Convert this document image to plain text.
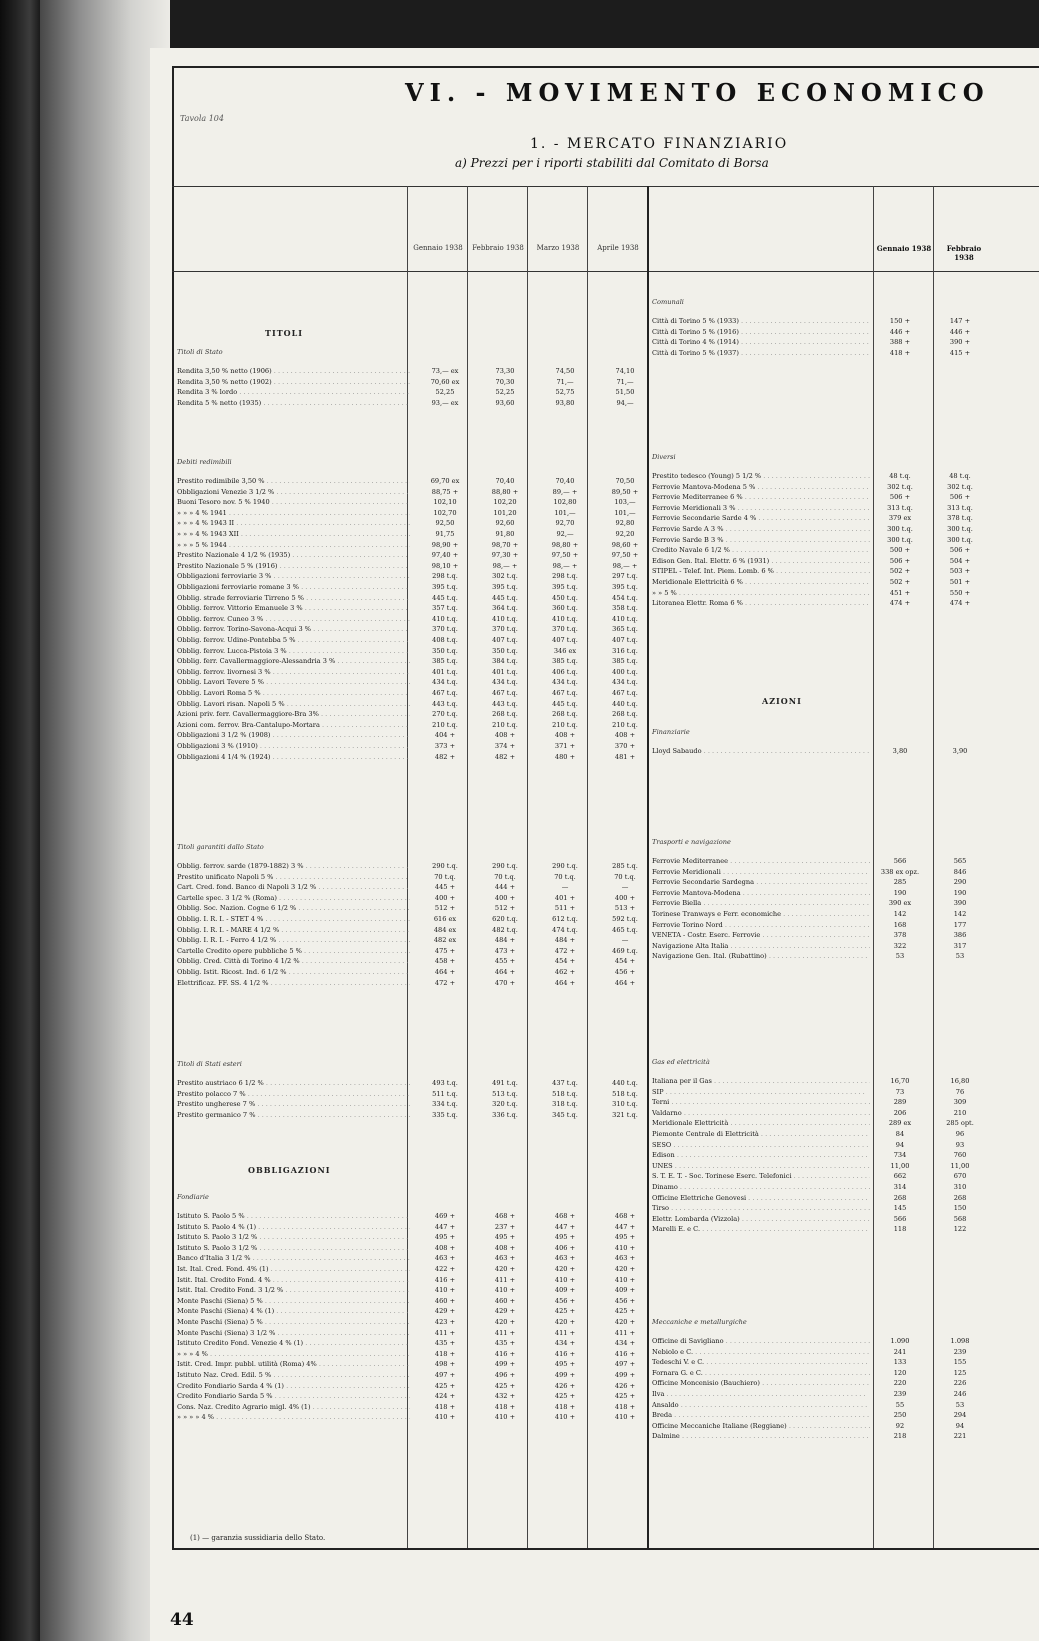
Tavola 104
VI. - MOVIMENTO ECONOMICO
1. - MERCATO FINANZIARIO
a) Prezzi per i riporti stabiliti dal Comitato di Borsa
Gennaio 1938	Febbraio 1938	Marzo 1938	Aprile 1938	Gennaio 1938	Febbraio 1938
TITOLI
OBBLIGAZIONI
AZIONI
Titoli di Stato
Rendita 3,50 % netto (1906) . . .	73,— ex	73,30	74,50	74,10
Rendita 3,50 % netto (1902) . . .	70,60 ex	70,30	71,—	71,—
Rendita 3 % lordo . . .	52,25	52,25	52,75	51,50
Rendita 5 % netto (1935) . . .	93,— ex	93,60	93,80	94,—
Debiti redimibili
Prestito redimibile 3,50 % . . .	69,70 ex	70,40	70,40	70,50
Obbligazioni Venezie 3 1/2 % . . .	88,75 +	88,80 +	89,— +	89,50 +
Buoni Tesoro nov. 5 % 1940 . . .	102,10	102,20	102,80	103,—
» » » 4 % 1941 . . .	102,70	101,20	101,—	101,—
» » » 4 % 1943 II . . .	92,50	92,60	92,70	92,80
» » » 4 % 1943 XII . . .	91,75	91,80	92,—	92,20
» » » 5 % 1944 . . .	98,90 +	98,70 +	98,80 +	98,60 +
Prestito Nazionale 4 1/2 % (1935) . . .	97,40 +	97,30 +	97,50 +	97,50 +
Prestito Nazionale 5 % (1916) . . .	98,10 +	98,— +	98,— +	98,— +
Obbligazioni ferroviarie 3 % . . .	298 t.q.	302 t.q.	298 t.q.	297 t.q.
Obbligazioni ferroviarie romane 3 % . . .	395 t.q.	395 t.q.	395 t.q.	395 t.q.
Obblig. strade ferroviarie Tirreno 5 % . . .	445 t.q.	445 t.q.	450 t.q.	454 t.q.
Obblig. ferrov. Vittorio Emanuele 3 % . . .	357 t.q.	364 t.q.	360 t.q.	358 t.q.
Obblig. ferrov. Cuneo 3 % . . .	410 t.q.	410 t.q.	410 t.q.	410 t.q.
Obblig. ferrov. Torino-Savona-Acqui 3 % . . .	370 t.q.	370 t.q.	370 t.q.	365 t.q.
Obblig. ferrov. Udine-Pontebba 5 % . . .	408 t.q.	407 t.q.	407 t.q.	407 t.q.
Obblig. ferrov. Lucca-Pistoia 3 % . . .	350 t.q.	350 t.q.	346 ex	316 t.q.
Obblig. ferr. Cavallermaggiore-Alessandria 3 % . . .	385 t.q.	384 t.q.	385 t.q.	385 t.q.
Obblig. ferrov. livornesi 3 % . . .	401 t.q.	401 t.q.	406 t.q.	400 t.q.
Obblig. Lavori Tevere 5 % . . .	434 t.q.	434 t.q.	434 t.q.	434 t.q.
Obblig. Lavori Roma 5 % . . .	467 t.q.	467 t.q.	467 t.q.	467 t.q.
Obblig. Lavori risan. Napoli 5 % . . .	443 t.q.	443 t.q.	445 t.q.	440 t.q.
Azioni priv. ferr. Cavallermaggiore-Bra 3% . . .	270 t.q.	268 t.q.	268 t.q.	268 t.q.
Azioni com. ferrov. Bra-Cantalupo-Mortara . . .	210 t.q.	210 t.q.	210 t.q.	210 t.q.
Obbligazioni 3 1/2 % (1908) . . .	404 +	408 +	408 +	408 +
Obbligazioni 3 % (1910) . . .	373 +	374 +	371 +	370 +
Obbligazioni 4 1/4 % (1924) . . .	482 +	482 +	480 +	481 +
Titoli garantiti dallo Stato
Obblig. ferrov. sarde (1879-1882) 3 % . . .	290 t.q.	290 t.q.	290 t.q.	285 t.q.
Prestito unificato Napoli 5 % . . .	70 t.q.	70 t.q.	70 t.q.	70 t.q.
Cart. Cred. fond. Banco di Napoli 3 1/2 % . . .	445 +	444 +	—	—
Cartelle spec. 3 1/2 % (Roma) . . .	400 +	400 +	401 +	400 +
Obblig. Soc. Nazion. Cogne 6 1/2 % . . .	512 +	512 +	511 +	513 +
Obblig. I. R. I. - STET 4 % . . .	616 ex	620 t.q.	612 t.q.	592 t.q.
Obblig. I. R. I. - MARE 4 1/2 % . . .	484 ex	482 t.q.	474 t.q.	465 t.q.
Obblig. I. R. I. - Ferro 4 1/2 % . . .	482 ex	484 +	484 +	—
Cartelle Credito opere pubbliche 5 % . . .	475 +	473 +	472 +	469 t.q.
Obblig. Cred. Città di Torino 4 1/2 % . . .	458 +	455 +	454 +	454 +
Obblig. Istit. Ricost. Ind. 6 1/2 % . . .	464 +	464 +	462 +	456 +
Elettrificaz. FF. SS. 4 1/2 % . . .	472 +	470 +	464 +	464 +
Titoli di Stati esteri
Prestito austriaco 6 1/2 % . . .	493 t.q.	491 t.q.	437 t.q.	440 t.q.
Prestito polacco 7 % . . .	511 t.q.	513 t.q.	518 t.q.	518 t.q.
Prestito ungherese 7 % . . .	334 t.q.	320 t.q.	318 t.q.	310 t.q.
Prestito germanico 7 % . . .	335 t.q.	336 t.q.	345 t.q.	321 t.q.
Fondiarie
Istituto S. Paolo 5 % . . .	469 +	468 +	468 +	468 +
Istituto S. Paolo 4 % (1) . . .	447 +	237 +	447 +	447 +
Istituto S. Paolo 3 1/2 % . . .	495 +	495 +	495 +	495 +
Istituto S. Paolo 3 1/2 % . . .	408 +	408 +	406 +	410 +
Banco d'Italia 3 1/2 % . . .	463 +	463 +	463 +	463 +
Ist. Ital. Cred. Fond. 4% (1) . . .	422 +	420 +	420 +	420 +
Istit. Ital. Credito Fond. 4 % . . .	416 +	411 +	410 +	410 +
Istit. Ital. Credito Fond. 3 1/2 % . . .	410 +	410 +	409 +	409 +
Monte Paschi (Siena) 5 % . . .	460 +	460 +	456 +	456 +
Monte Paschi (Siena) 4 % (1) . . .	429 +	429 +	425 +	425 +
Monte Paschi (Siena) 5 % . . .	423 +	420 +	420 +	420 +
Monte Paschi (Siena) 3 1/2 % . . .	411 +	411 +	411 +	411 +
Istituto Credito Fond. Venezie 4 % (1) . . .	435 +	435 +	434 +	434 +
» » » 4 % . . .	418 +	416 +	416 +	416 +
Istit. Cred. Impr. pubbl. utilità (Roma) 4% . . .	498 +	499 +	495 +	497 +
Istituto Naz. Cred. Edil. 5 % . . .	497 +	496 +	499 +	499 +
Credito Fondiario Sarda 4 % (1) . . .	425 +	425 +	426 +	426 +
Credito Fondiario Sarda 5 % . . .	424 +	432 +	425 +	425 +
Cons. Naz. Credito Agrario migl. 4% (1) . . .	418 +	418 +	418 +	418 +
» » » » 4 % . . .	410 +	410 +	410 +	410 +
Comunali
Città di Torino 5 % (1933) . . .	150 +	147 +
Città di Torino 5 % (1916) . . .	446 +	446 +
Città di Torino 4 % (1914) . . .	388 +	390 +
Città di Torino 5 % (1937) . . .	418 +	415 +
Diversi
Prestito tedesco (Young) 5 1/2 % . . .	48 t.q.	48 t.q.
Ferrovie Mantova-Modena 5 % . . .	302 t.q.	302 t.q.
Ferrovie Mediterranee 6 % . . .	506 +	506 +
Ferrovie Meridionali 3 % . . .	313 t.q.	313 t.q.
Ferrovie Secondarie Sarde 4 % . . .	379 ex	378 t.q.
Ferrovie Sarde A 3 % . . .	300 t.q.	300 t.q.
Ferrovie Sarde B 3 % . . .	300 t.q.	300 t.q.
Credito Navale 6 1/2 % . . .	500 +	506 +
Edison Gen. Ital. Elettr. 6 % (1931) . . .	506 +	504 +
STIPEL - Telef. Int. Piem. Lomb. 6 % . . .	502 +	503 +
Meridionale Elettricità 6 % . . .	502 +	501 +
» » 5 % . . .	451 +	550 +
Litoranea Elettr. Roma 6 % . . .	474 +	474 +
Finanziarie
Lloyd Sabaudo . . .	3,80	3,90
Trasporti e navigazione
Ferrovie Mediterranee . . .	566	565
Ferrovie Meridionali . . .	338 ex opz.	846
Ferrovie Secondarie Sardegna . . .	285	290
Ferrovie Mantova-Modena . . .	190	190
Ferrovie Biella . . .	390 ex	390
Torinese Tranways e Ferr. economiche . . .	142	142
Ferrovie Torino Nord . . .	168	177
VENETA - Costr. Eserc. Ferrovie . . .	378	386
Navigazione Alta Italia . . .	322	317
Navigazione Gen. Ital. (Rubattino) . . .	53	53
Gas ed elettricità
Italiana per il Gas . . .	16,70	16,80
SIP . . .	73	76
Terni . . .	289	309
Valdarno . . .	206	210
Meridionale Elettricità . . .	289 ex	285 opt.
Piemonte Centrale di Elettricità . . .	84	96
SESO . . .	94	93
Edison . . .	734	760
UNES . . .	11,00	11,00
S. T. E. T. - Soc. Torinese Eserc. Telefonici . . .	662	670
Dinamo . . .	314	310
Officine Elettriche Genovesi . . .	268	268
Tirso . . .	145	150
Elettr. Lombarda (Vizzola) . . .	566	568
Marelli E. e C. . . .	118	122
Meccaniche e metallurgiche
Officine di Savigliano . . .	1.090	1.098
Nebiolo e C. . . .	241	239
Tedeschi V. e C. . . .	133	155
Fornara G. e C. . . .	120	125
Officine Moncenisio (Bauchiero) . . .	220	226
Ilva . . .	239	246
Ansaldo . . .	55	53
Breda . . .	250	294
Officine Meccaniche Italiane (Reggiane) . . .	92	94
Dalmine . . .	218	221
(1) — garanzia sussidiaria dello Stato.
44
